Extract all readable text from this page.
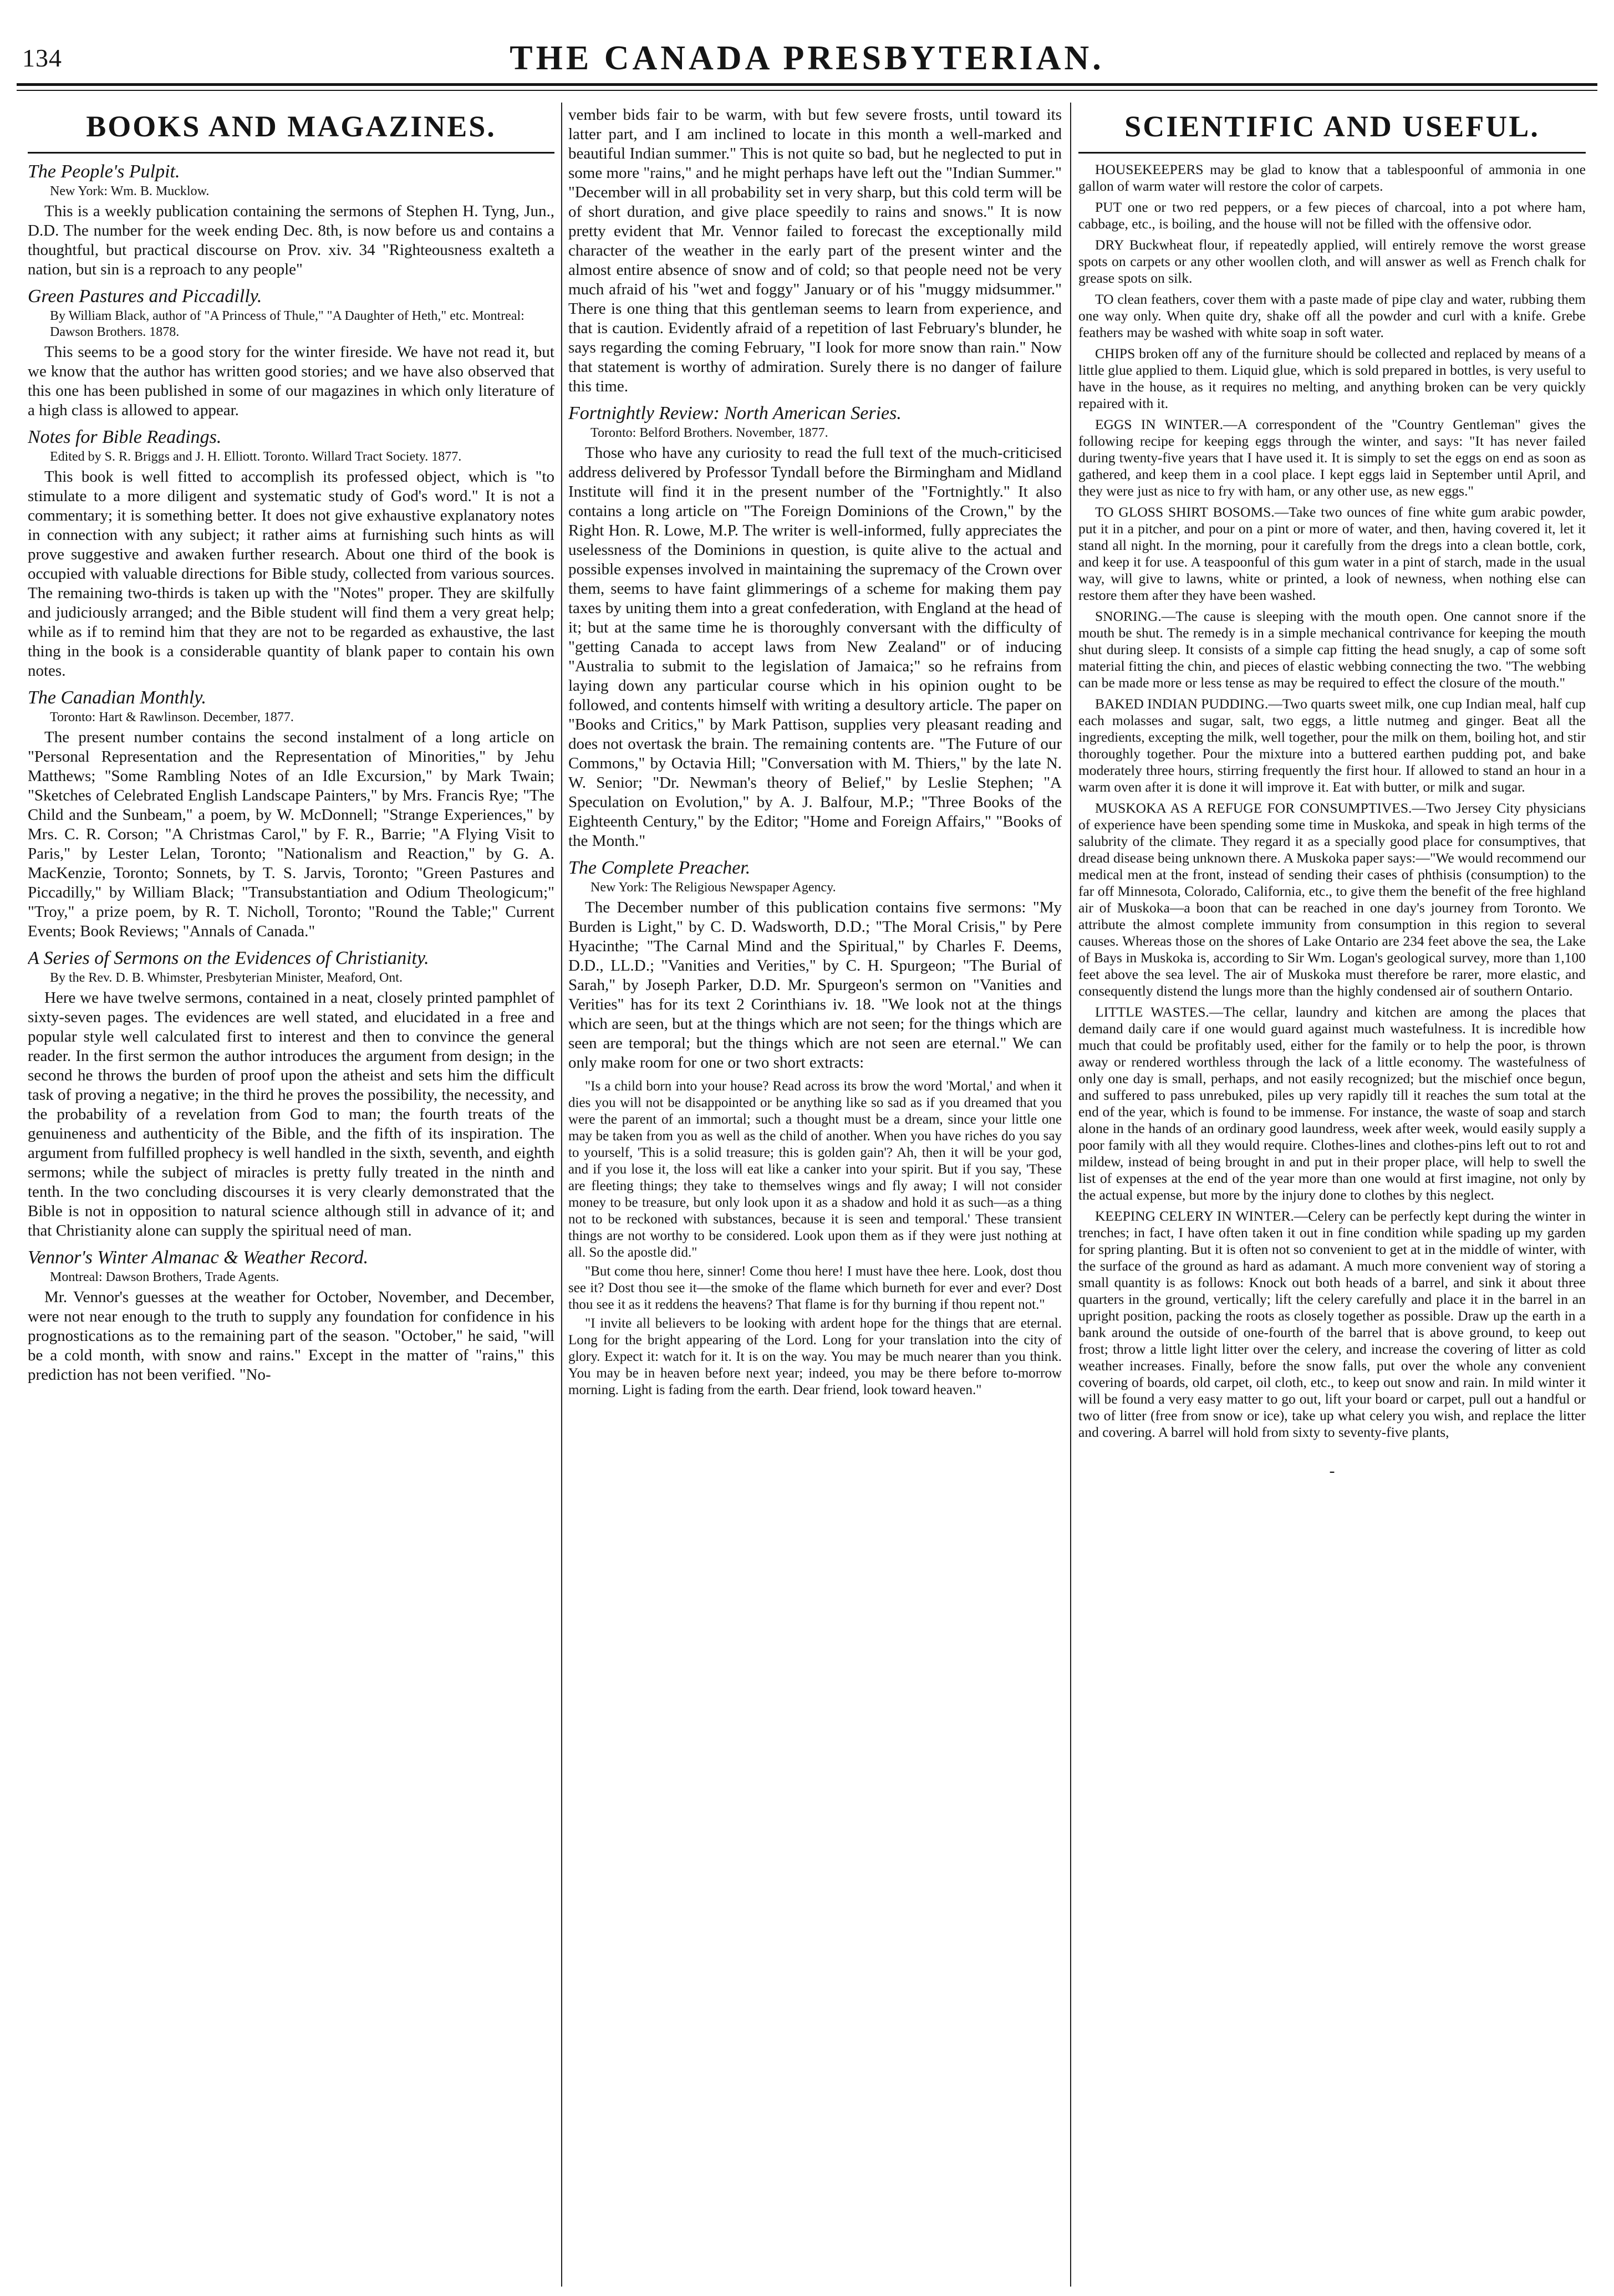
134	THE CANADA PRESBYTERIAN.
BOOKS AND MAGAZINES.
The People's Pulpit.
New York: Wm. B. Mucklow.

This is a weekly publication containing the sermons of Stephen H. Tyng, Jun., D.D. The number for the week ending Dec. 8th, is now before us and contains a thoughtful, but practical discourse on Prov. xiv. 34 "Righteousness exalteth a nation, but sin is a reproach to any people"

Green Pastures and Piccadilly.
By William Black, author of "A Princess of Thule," "A Daughter of Heth," etc. Montreal: Dawson Brothers. 1878.

This seems to be a good story for the winter fireside. We have not read it, but we know that the author has written good stories; and we have also observed that this one has been published in some of our magazines in which only literature of a high class is allowed to appear.

Notes for Bible Readings.
Edited by S. R. Briggs and J. H. Elliott. Toronto. Willard Tract Society. 1877.

This book is well fitted to accomplish its professed object, which is "to stimulate to a more diligent and systematic study of God's word." It is not a commentary; it is something better. It does not give exhaustive explanatory notes in connection with any subject; it rather aims at furnishing such hints as will prove suggestive and awaken further research. About one third of the book is occupied with valuable directions for Bible study, collected from various sources. The remaining two-thirds is taken up with the "Notes" proper. They are skilfully and judiciously arranged; and the Bible student will find them a very great help; while as if to remind him that they are not to be regarded as exhaustive, the last thing in the book is a considerable quantity of blank paper to contain his own notes.

The Canadian Monthly.
Toronto: Hart & Rawlinson. December, 1877.

The present number contains the second instalment of a long article on "Personal Representation and the Representation of Minorities," by Jehu Matthews; "Some Rambling Notes of an Idle Excursion," by Mark Twain; "Sketches of Celebrated English Landscape Painters," by Mrs. Francis Rye; "The Child and the Sunbeam," a poem, by W. McDonnell; "Strange Experiences," by Mrs. C. R. Corson; "A Christmas Carol," by F. R., Barrie; "A Flying Visit to Paris," by Lester Lelan, Toronto; "Nationalism and Reaction," by G. A. MacKenzie, Toronto; Sonnets, by T. S. Jarvis, Toronto; "Green Pastures and Piccadilly," by William Black; "Transubstantiation and Odium Theologicum;" "Troy," a prize poem, by R. T. Nicholl, Toronto; "Round the Table;" Current Events; Book Reviews; "Annals of Canada."

A Series of Sermons on the Evidences of Christianity.
By the Rev. D. B. Whimster, Presbyterian Minister, Meaford, Ont.

Here we have twelve sermons, contained in a neat, closely printed pamphlet of sixty-seven pages. The evidences are well stated, and elucidated in a free and popular style well calculated first to interest and then to convince the general reader. In the first sermon the author introduces the argument from design; in the second he throws the burden of proof upon the atheist and sets him the difficult task of proving a negative; in the third he proves the possibility, the necessity, and the probability of a revelation from God to man; the fourth treats of the genuineness and authenticity of the Bible, and the fifth of its inspiration. The argument from fulfilled prophecy is well handled in the sixth, seventh, and eighth sermons; while the subject of miracles is pretty fully treated in the ninth and tenth. In the two concluding discourses it is very clearly demonstrated that the Bible is not in opposition to natural science although still in advance of it; and that Christianity alone can supply the spiritual need of man.

Vennor's Winter Almanac & Weather Record.
Montreal: Dawson Brothers, Trade Agents.

Mr. Vennor's guesses at the weather for October, November, and December, were not near enough to the truth to supply any foundation for confidence in his prognostications as to the remaining part of the season. "October," he said, "will be a cold month, with snow and rains." Except in the matter of "rains," this prediction has not been verified. "No-

vember bids fair to be warm, with but few severe frosts, until toward its latter part, and I am inclined to locate in this month a well-marked and beautiful Indian summer." This is not quite so bad, but he neglected to put in some more "rains," and he might perhaps have left out the "Indian Summer." "December will in all probability set in very sharp, but this cold term will be of short duration, and give place speedily to rains and snows." It is now pretty evident that Mr. Vennor failed to forecast the exceptionally mild character of the weather in the early part of the present winter and the almost entire absence of snow and of cold; so that people need not be very much afraid of his "wet and foggy" January or of his "muggy midsummer." There is one thing that this gentleman seems to learn from experience, and that is caution. Evidently afraid of a repetition of last February's blunder, he says regarding the coming February, "I look for more snow than rain." Now that statement is worthy of admiration. Surely there is no danger of failure this time.

Fortnightly Review: North American Series.
Toronto: Belford Brothers. November, 1877.

Those who have any curiosity to read the full text of the much-criticised address delivered by Professor Tyndall before the Birmingham and Midland Institute will find it in the present number of the "Fortnightly." It also contains a long article on "The Foreign Dominions of the Crown," by the Right Hon. R. Lowe, M.P. The writer is well-informed, fully appreciates the uselessness of the Dominions in question, is quite alive to the actual and possible expenses involved in maintaining the supremacy of the Crown over them, seems to have faint glimmerings of a scheme for making them pay taxes by uniting them into a great confederation, with England at the head of it; but at the same time he is thoroughly conversant with the difficulty of "getting Canada to accept laws from New Zealand" or of inducing "Australia to submit to the legislation of Jamaica;" so he refrains from laying down any particular course which in his opinion ought to be followed, and contents himself with writing a desultory article. The paper on "Books and Critics," by Mark Pattison, supplies very pleasant reading and does not overtask the brain. The remaining contents are. "The Future of our Commons," by Octavia Hill; "Conversation with M. Thiers," by the late N. W. Senior; "Dr. Newman's theory of Belief," by Leslie Stephen; "A Speculation on Evolution," by A. J. Balfour, M.P.; "Three Books of the Eighteenth Century," by the Editor; "Home and Foreign Affairs," "Books of the Month."

The Complete Preacher.
New York: The Religious Newspaper Agency.

The December number of this publication contains five sermons: "My Burden is Light," by C. D. Wadsworth, D.D.; "The Moral Crisis," by Pere Hyacinthe; "The Carnal Mind and the Spiritual," by Charles F. Deems, D.D., LL.D.; "Vanities and Verities," by C. H. Spurgeon; "The Burial of Sarah," by Joseph Parker, D.D. Mr. Spurgeon's sermon on "Vanities and Verities" has for its text 2 Corinthians iv. 18. "We look not at the things which are seen, but at the things which are not seen; for the things which are seen are temporal; but the things which are not seen are eternal." We can only make room for one or two short extracts:

"Is a child born into your house? Read across its brow the word 'Mortal,' and when it dies you will not be disappointed or be anything like so sad as if you dreamed that you were the parent of an immortal; such a thought must be a dream, since your little one may be taken from you as well as the child of another. When you have riches do you say to yourself, 'This is a solid treasure; this is golden gain'? Ah, then it will be your god, and if you lose it, the loss will eat like a canker into your spirit. But if you say, 'These are fleeting things; they take to themselves wings and fly away; I will not consider money to be treasure, but only look upon it as a shadow and hold it as such—as a thing not to be reckoned with substances, because it is seen and temporal.' These transient things are not worthy to be considered. Look upon them as if they were just nothing at all. So the apostle did."

"But come thou here, sinner! Come thou here! I must have thee here. Look, dost thou see it? Dost thou see it—the smoke of the flame which burneth for ever and ever? Dost thou see it as it reddens the heavens? That flame is for thy burning if thou repent not."

"I invite all believers to be looking with ardent hope for the things that are eternal. Long for the bright appearing of the Lord. Long for your translation into the city of glory. Expect it: watch for it. It is on the way. You may be much nearer than you think. You may be in heaven before next year; indeed, you may be there before to-morrow morning. Light is fading from the earth. Dear friend, look toward heaven."

SCIENTIFIC AND USEFUL.

HOUSEKEEPERS may be glad to know that a tablespoonful of ammonia in one gallon of warm water will restore the color of carpets.

PUT one or two red peppers, or a few pieces of charcoal, into a pot where ham, cabbage, etc., is boiling, and the house will not be filled with the offensive odor.

DRY Buckwheat flour, if repeatedly applied, will entirely remove the worst grease spots on carpets or any other woollen cloth, and will answer as well as French chalk for grease spots on silk.

TO clean feathers, cover them with a paste made of pipe clay and water, rubbing them one way only. When quite dry, shake off all the powder and curl with a knife. Grebe feathers may be washed with white soap in soft water.

CHIPS broken off any of the furniture should be collected and replaced by means of a little glue applied to them. Liquid glue, which is sold prepared in bottles, is very useful to have in the house, as it requires no melting, and anything broken can be very quickly repaired with it.

EGGS IN WINTER.—A correspondent of the "Country Gentleman" gives the following recipe for keeping eggs through the winter, and says: "It has never failed during twenty-five years that I have used it. It is simply to set the eggs on end as soon as gathered, and keep them in a cool place. I kept eggs laid in September until April, and they were just as nice to fry with ham, or any other use, as new eggs."

TO GLOSS SHIRT BOSOMS.—Take two ounces of fine white gum arabic powder, put it in a pitcher, and pour on a pint or more of water, and then, having covered it, let it stand all night. In the morning, pour it carefully from the dregs into a clean bottle, cork, and keep it for use. A teaspoonful of this gum water in a pint of starch, made in the usual way, will give to lawns, white or printed, a look of newness, when nothing else can restore them after they have been washed.

SNORING.—The cause is sleeping with the mouth open. One cannot snore if the mouth be shut. The remedy is in a simple mechanical contrivance for keeping the mouth shut during sleep. It consists of a simple cap fitting the head snugly, a cap of some soft material fitting the chin, and pieces of elastic webbing connecting the two. "The webbing can be made more or less tense as may be required to effect the closure of the mouth."

BAKED INDIAN PUDDING.—Two quarts sweet milk, one cup Indian meal, half cup each molasses and sugar, salt, two eggs, a little nutmeg and ginger. Beat all the ingredients, excepting the milk, well together, pour the milk on them, boiling hot, and stir thoroughly together. Pour the mixture into a buttered earthen pudding pot, and bake moderately three hours, stirring frequently the first hour. If allowed to stand an hour in a warm oven after it is done it will improve it. Eat with butter, or milk and sugar.

MUSKOKA AS A REFUGE FOR CONSUMPTIVES.—Two Jersey City physicians of experience have been spending some time in Muskoka, and speak in high terms of the salubrity of the climate. They regard it as a specially good place for consumptives, that dread disease being unknown there. A Muskoka paper says:—"We would recommend our medical men at the front, instead of sending their cases of phthisis (consumption) to the far off Minnesota, Colorado, California, etc., to give them the benefit of the free highland air of Muskoka—a boon that can be reached in one day's journey from Toronto. We attribute the almost complete immunity from consumption in this region to several causes. Whereas those on the shores of Lake Ontario are 234 feet above the sea, the Lake of Bays in Muskoka is, according to Sir Wm. Logan's geological survey, more than 1,100 feet above the sea level. The air of Muskoka must therefore be rarer, more elastic, and consequently distend the lungs more than the highly condensed air of southern Ontario.

LITTLE WASTES.—The cellar, laundry and kitchen are among the places that demand daily care if one would guard against much wastefulness. It is incredible how much that could be profitably used, either for the family or to help the poor, is thrown away or rendered worthless through the lack of a little economy. The wastefulness of only one day is small, perhaps, and not easily recognized; but the mischief once begun, and suffered to pass unrebuked, piles up very rapidly till it reaches the sum total at the end of the year, which is found to be immense. For instance, the waste of soap and starch alone in the hands of an ordinary good laundress, week after week, would easily supply a poor family with all they would require. Clothes-lines and clothes-pins left out to rot and mildew, instead of being brought in and put in their proper place, will help to swell the list of expenses at the end of the year more than one would at first imagine, not only by the actual expense, but more by the injury done to clothes by this neglect.

KEEPING CELERY IN WINTER.—Celery can be perfectly kept during the winter in trenches; in fact, I have often taken it out in fine condition while spading up my garden for spring planting. But it is often not so convenient to get at in the middle of winter, with the surface of the ground as hard as adamant. A much more convenient way of storing a small quantity is as follows: Knock out both heads of a barrel, and sink it about three quarters in the ground, vertically; lift the celery carefully and place it in the barrel in an upright position, packing the roots as closely together as possible. Draw up the earth in a bank around the outside of one-fourth of the barrel that is above ground, to keep out frost; throw a little light litter over the celery, and increase the covering of litter as cold weather increases. Finally, before the snow falls, put over the whole any convenient covering of boards, old carpet, oil cloth, etc., to keep out snow and rain. In mild winter it will be found a very easy matter to go out, lift your board or carpet, pull out a handful or two of litter (free from snow or ice), take up what celery you wish, and replace the litter and covering. A barrel will hold from sixty to seventy-five plants,

-
